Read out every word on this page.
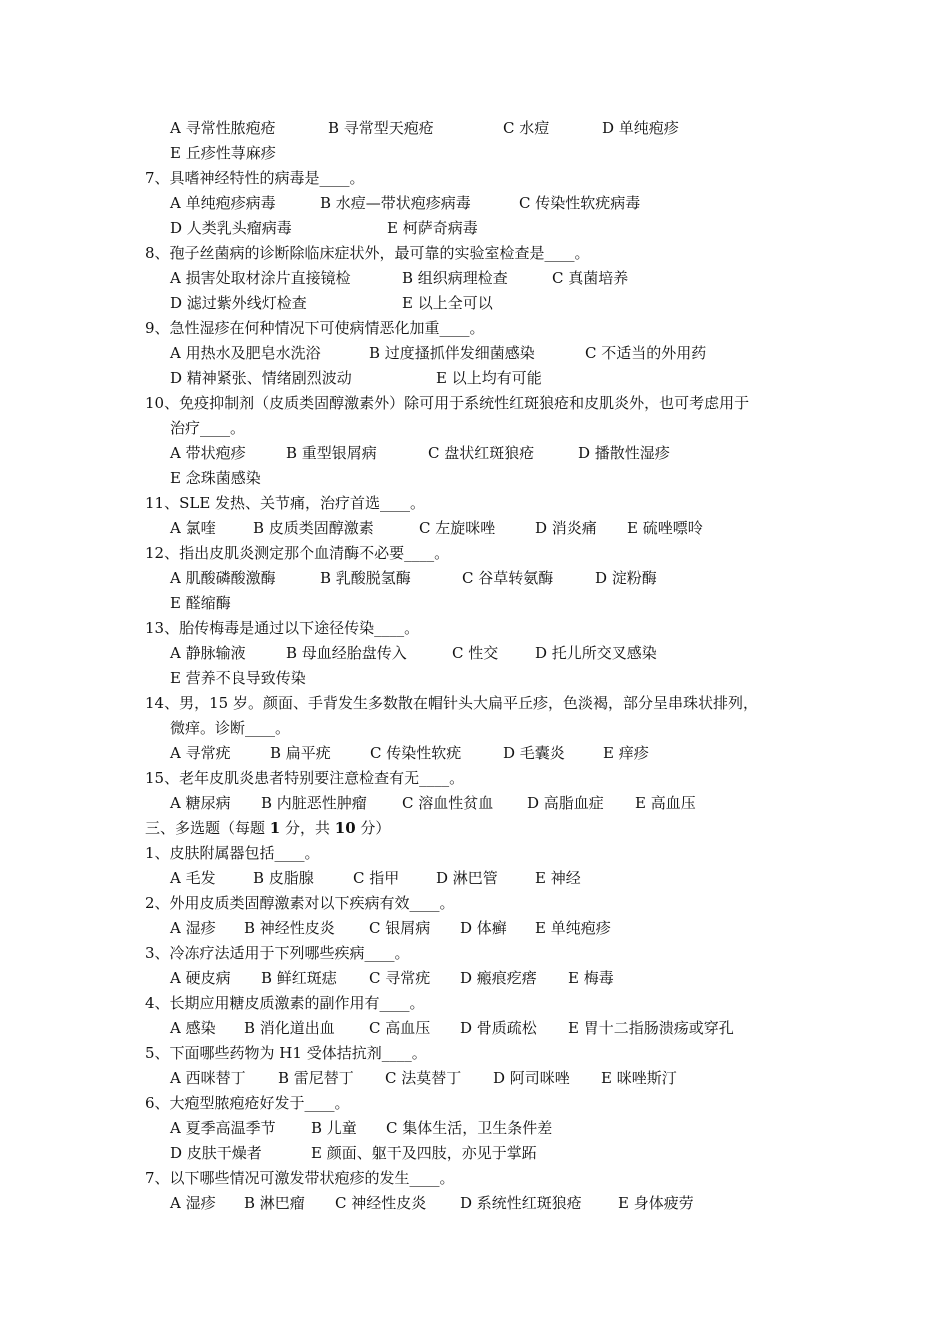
A 寻常性脓疱疮	B 寻常型天疱疮	C 水痘	D 单纯疱疹
E 丘疹性荨麻疹
7、具嗜神经特性的病毒是____。
A 单纯疱疹病毒	B 水痘—带状疱疹病毒	C 传染性软疣病毒
D 人类乳头瘤病毒	E 柯萨奇病毒
8、孢子丝菌病的诊断除临床症状外，最可靠的实验室检查是____。
A 损害处取材涂片直接镜检	B 组织病理检查	C 真菌培养
D 滤过紫外线灯检查	E 以上全可以
9、急性湿疹在何种情况下可使病情恶化加重____。
A 用热水及肥皂水洗浴	B 过度搔抓伴发细菌感染	C 不适当的外用药
D 精神紧张、情绪剧烈波动	E 以上均有可能
10、免疫抑制剂（皮质类固醇激素外）除可用于系统性红斑狼疮和皮肌炎外，也可考虑用于
治疗____。
A 带状疱疹	B 重型银屑病	C 盘状红斑狼疮	D 播散性湿疹
E 念珠菌感染
11、SLE 发热、关节痛，治疗首选____。
A 氯喹 B 皮质类固醇激素	C 左旋咪唑	D 消炎痛 E 硫唑嘌呤
12、指出皮肌炎测定那个血清酶不必要____。
A 肌酸磷酸激酶	B 乳酸脱氢酶	C 谷草转氨酶	D 淀粉酶
E 醛缩酶
13、胎传梅毒是通过以下途径传染____。
A 静脉输液	B 母血经胎盘传入	C 性交 D 托儿所交叉感染
E 营养不良导致传染
14、男，15 岁。颜面、手背发生多数散在帽针头大扁平丘疹，色淡褐，部分呈串珠状排列，
微痒。诊断____。
A 寻常疣	B 扁平疣	C 传染性软疣	D 毛囊炎	E 痒疹
15、老年皮肌炎患者特别要注意检查有无____。
A 糖尿病 B 内脏恶性肿瘤 C 溶血性贫血 D 高脂血症 E 高血压
三、多选题（每题 1 分，共 10 分）
1、皮肤附属器包括____。
A 毛发 B 皮脂腺	C 指甲 D 淋巴管 E 神经
2、外用皮质类固醇激素对以下疾病有效____。
A 湿疹 B 神经性皮炎 C 银屑病 D 体癣 E 单纯疱疹
3、冷冻疗法适用于下列哪些疾病____。
A 硬皮病 B 鲜红斑痣 C 寻常疣 D 瘢痕疙瘩 E 梅毒
4、长期应用糖皮质激素的副作用有____。
A 感染 B 消化道出血 C 高血压 D 骨质疏松 E 胃十二指肠溃疡或穿孔
5、下面哪些药物为 H1 受体拮抗剂____。
A 西咪替丁 B 雷尼替丁 C 法莫替丁 D 阿司咪唑 E 咪唑斯汀
6、大疱型脓疱疮好发于____。
A 夏季高温季节 B 儿童 C 集体生活，卫生条件差
D 皮肤干燥者	E 颜面、躯干及四肢，亦见于掌跖
7、以下哪些情况可激发带状疱疹的发生____。
A 湿疹 B 淋巴瘤 C 神经性皮炎 D 系统性红斑狼疮 E 身体疲劳
